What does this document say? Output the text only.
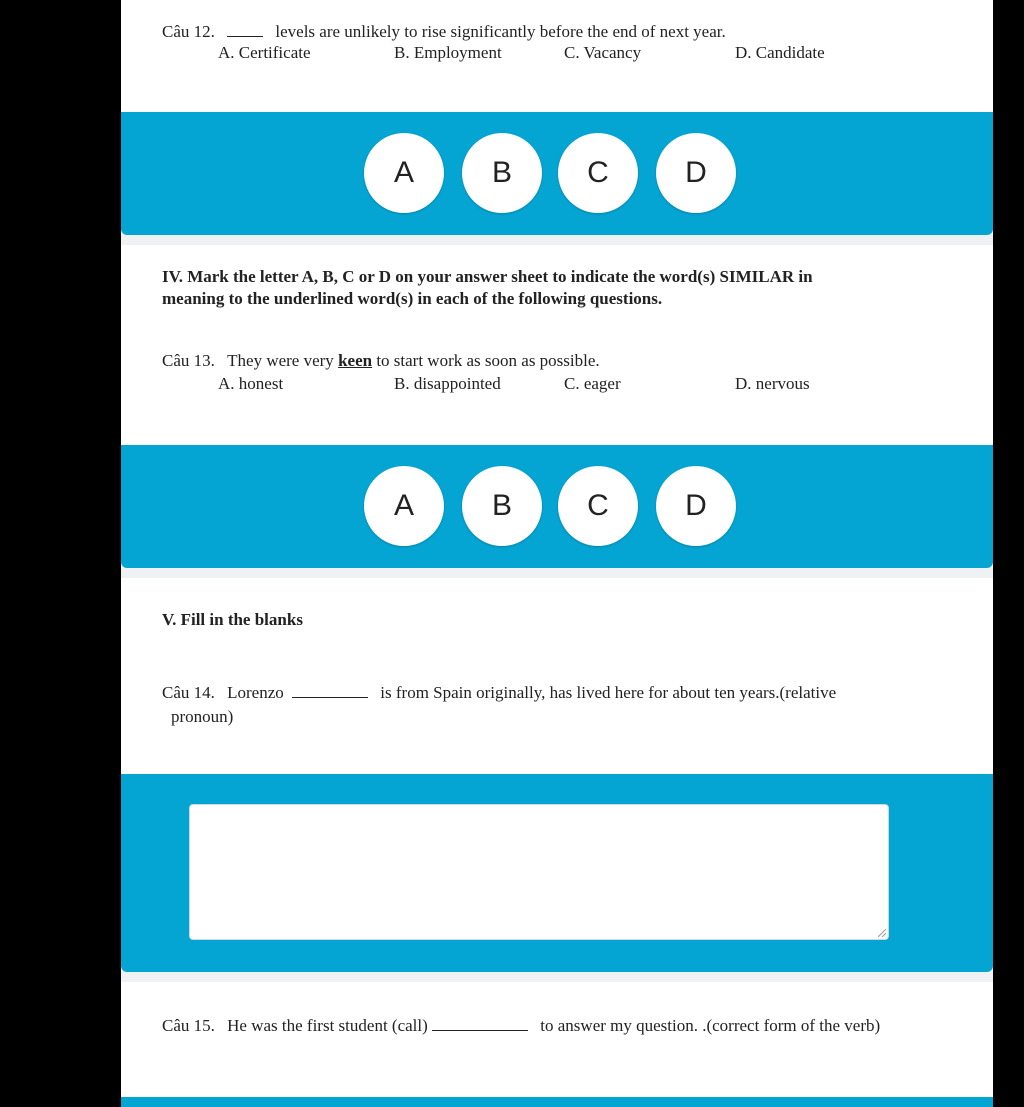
Câu 12.	levels are unlikely to rise significantly before the end of next year.
A. Certificate	B. Employment	C. Vacancy	D. Candidate
A	B	C	D
IV. Mark the letter A, B, C or D on your answer sheet to indicate the word(s) SIMILAR in
meaning to the underlined word(s) in each of the following questions.
Câu 13. They were very keen to start work as soon as possible.
A. honest	B. disappointed	C. eager	D. nervous
A	B	C	D
V. Fill in the blanks
Câu 14. Lorenzo	is from Spain originally, has lived here for about ten years.(relative
pronoun)
Câu 15. He was the first student (call)	to answer my question. .(correct form of the verb)
